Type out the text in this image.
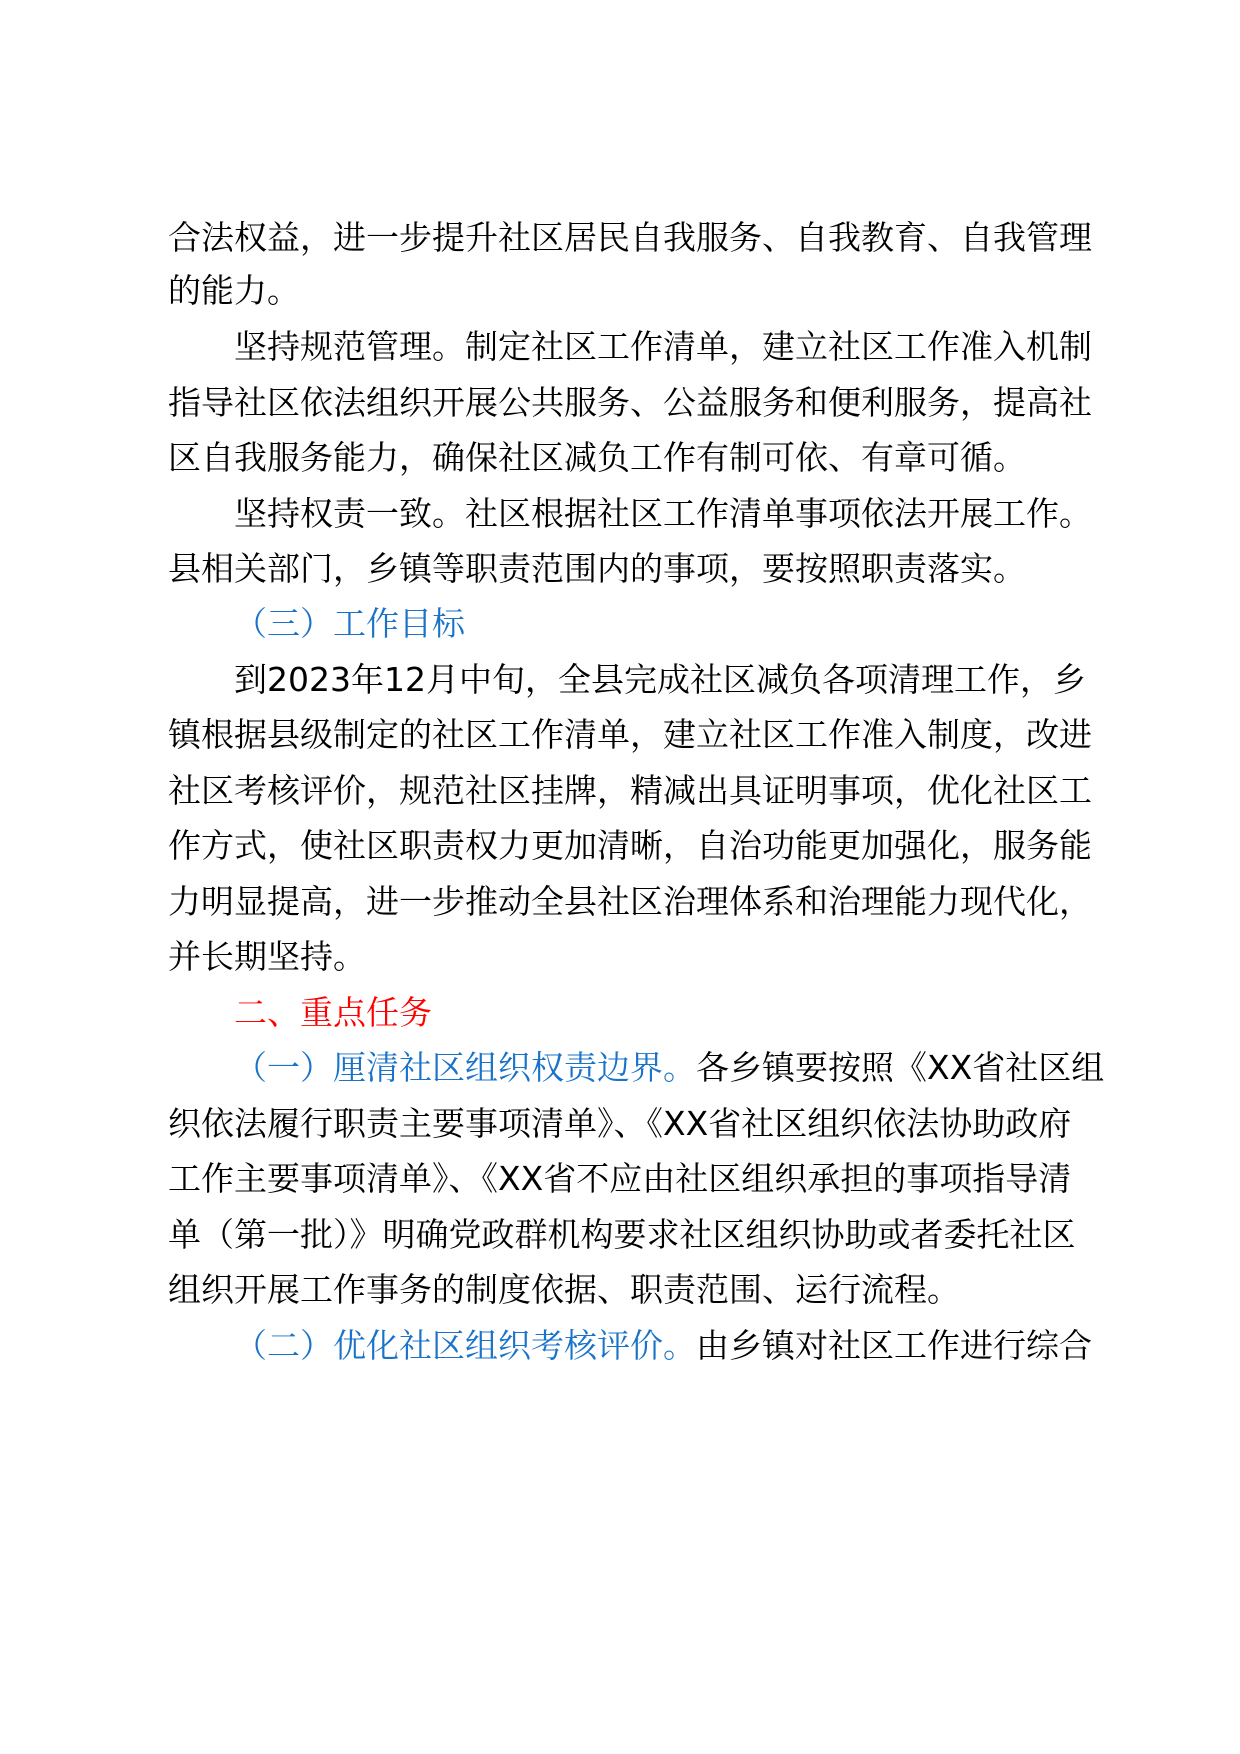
合法权益，进一步提升社区居民自我服务、自我教育、自我管理
的能力。
坚持规范管理。制定社区工作清单，建立社区工作准入机制
指导社区依法组织开展公共服务、公益服务和便利服务，提高社
区自我服务能力，确保社区减负工作有制可依、有章可循。
坚持权责一致。社区根据社区工作清单事项依法开展工作。
县相关部门，乡镇等职责范围内的事项，要按照职责落实。
（三）工作目标
到2023年12月中旬，全县完成社区减负各项清理工作，乡
镇根据县级制定的社区工作清单，建立社区工作准入制度，改进
社区考核评价，规范社区挂牌，精减出具证明事项，优化社区工
作方式，使社区职责权力更加清晰，自治功能更加强化，服务能
力明显提高，进一步推动全县社区治理体系和治理能力现代化，
并长期坚持。
二、重点任务
（一）厘清社区组织权责边界。各乡镇要按照《XX省社区组
织依法履行职责主要事项清单》、《XX省社区组织依法协助政府
工作主要事项清单》、《XX省不应由社区组织承担的事项指导清
单（第一批）》明确党政群机构要求社区组织协助或者委托社区
组织开展工作事务的制度依据、职责范围、运行流程。
（二）优化社区组织考核评价。由乡镇对社区工作进行综合
